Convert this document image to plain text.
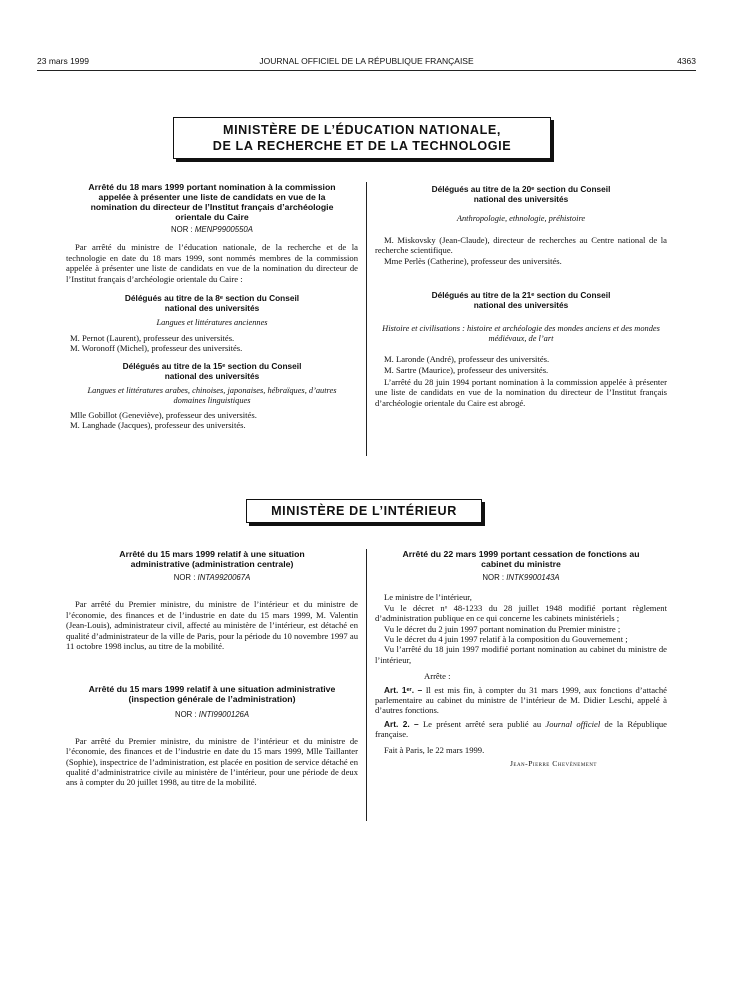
23 mars 1999	JOURNAL OFFICIEL DE LA RÉPUBLIQUE FRANÇAISE	4363
MINISTÈRE DE L’ÉDUCATION NATIONALE,
DE LA RECHERCHE ET DE LA TECHNOLOGIE
Arrêté du 18 mars 1999 portant nomination à la commission appelée à présenter une liste de candidats en vue de la nomination du directeur de l’Institut français d’archéologie orientale du Caire
NOR : MENP9900550A

Par arrêté du ministre de l’éducation nationale, de la recherche et de la technologie en date du 18 mars 1999, sont nommés membres de la commission appelée à présenter une liste de candidats en vue de la nomination du directeur de l’Institut français d’archéologie orientale du Caire :

Délégués au titre de la 8ᵉ section du Conseil national des universités
Langues et littératures anciennes
M. Pernot (Laurent), professeur des universités.
M. Woronoff (Michel), professeur des universités.
Délégués au titre de la 15ᵉ section du Conseil national des universités
Langues et littératures arabes, chinoises, japonaises, hébraïques, d’autres domaines linguistiques
Mlle Gobillot (Geneviève), professeur des universités.
M. Langhade (Jacques), professeur des universités.
Délégués au titre de la 20ᵉ section du Conseil national des universités
Anthropologie, ethnologie, préhistoire

M. Miskovsky (Jean-Claude), directeur de recherches au Centre national de la recherche scientifique.

Mme Perlès (Catherine), professeur des universités.
Délégués au titre de la 21ᵉ section du Conseil national des universités
Histoire et civilisations : histoire et archéologie des mondes anciens et des mondes médiévaux, de l’art
M. Laronde (André), professeur des universités.
M. Sartre (Maurice), professeur des universités.

L’arrêté du 28 juin 1994 portant nomination à la commission appelée à présenter une liste de candidats en vue de la nomination du directeur de l’Institut français d’archéologie orientale du Caire est abrogé.

MINISTÈRE DE L’INTÉRIEUR
Arrêté du 15 mars 1999 relatif à une situation administrative (administration centrale)
NOR : INTA9920067A

Par arrêté du Premier ministre, du ministre de l’intérieur et du ministre de l’économie, des finances et de l’industrie en date du 15 mars 1999, M. Valentin (Jean-Louis), administrateur civil, affecté au ministère de l’intérieur, est détaché en qualité d’administrateur de la ville de Paris, pour la période du 10 novembre 1997 au 11 octobre 1998 inclus, au titre de la mobilité.

Arrêté du 15 mars 1999 relatif à une situation administrative (inspection générale de l’administration)
NOR : INTI9900126A

Par arrêté du Premier ministre, du ministre de l’intérieur et du ministre de l’économie, des finances et de l’industrie en date du 15 mars 1999, Mlle Taillanter (Sophie), inspectrice de l’administration, est placée en position de service détaché en qualité d’administratrice civile au ministère de l’intérieur, pour une période de deux ans à compter du 20 juillet 1998, au titre de la mobilité.

Arrêté du 22 mars 1999 portant cessation de fonctions au cabinet du ministre
NOR : INTK9900143A

Le ministre de l’intérieur,

Vu le décret nᵒ 48-1233 du 28 juillet 1948 modifié portant règlement d’administration publique en ce qui concerne les cabinets ministériels ;

Vu le décret du 2 juin 1997 portant nomination du Premier ministre ;

Vu le décret du 4 juin 1997 relatif à la composition du Gouvernement ;

Vu l’arrêté du 18 juin 1997 modifié portant nomination au cabinet du ministre de l’intérieur,

Arrête :

Art. 1ᵉʳ. – Il est mis fin, à compter du 31 mars 1999, aux fonctions d’attaché parlementaire au cabinet du ministre de l’intérieur de M. Didier Leschi, appelé à d’autres fonctions.

Art. 2. – Le présent arrêté sera publié au Journal officiel de la République française.

Fait à Paris, le 22 mars 1999.

Jean-Pierre Chevènement
